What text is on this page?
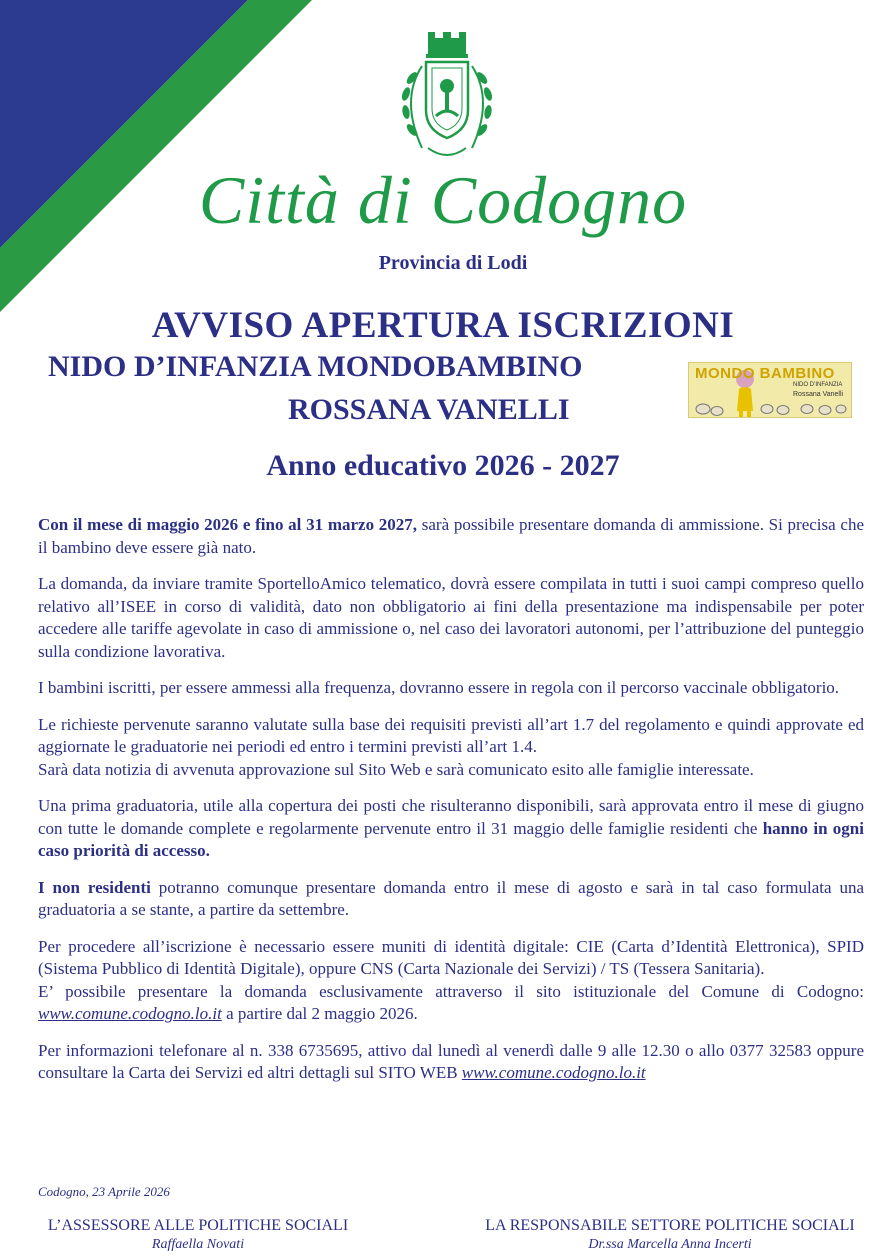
Città di Codogno
Provincia di Lodi
AVVISO APERTURA ISCRIZIONI
NIDO D’INFANZIA MONDOBAMBINO
ROSSANA VANELLI
MONDO BAMBINO
NIDO D’INFANZIA
Rossana Vanelli
Anno educativo 2026 - 2027

Con il mese di maggio 2026 e fino al 31 marzo 2027, sarà possibile presentare domanda di ammissione. Si precisa che il bambino deve essere già nato.

La domanda, da inviare tramite SportelloAmico telematico, dovrà essere compilata in tutti i suoi campi compreso quello relativo all’ISEE in corso di validità, dato non obbligatorio ai fini della presentazione ma indispensabile per poter accedere alle tariffe agevolate in caso di ammissione o, nel caso dei lavoratori autonomi, per l’attribuzione del punteggio sulla condizione lavorativa.

I bambini iscritti, per essere ammessi alla frequenza, dovranno essere in regola con il percorso vaccinale obbligatorio.

Le richieste pervenute saranno valutate sulla base dei requisiti previsti all’art 1.7 del regolamento e quindi approvate ed aggiornate le graduatorie nei periodi ed entro i termini previsti all’art 1.4.
Sarà data notizia di avvenuta approvazione sul Sito Web e sarà comunicato esito alle famiglie interessate.

Una prima graduatoria, utile alla copertura dei posti che risulteranno disponibili, sarà approvata entro il mese di giugno con tutte le domande complete e regolarmente pervenute entro il 31 maggio delle famiglie residenti che hanno in ogni caso priorità di accesso.

I non residenti potranno comunque presentare domanda entro il mese di agosto e sarà in tal caso formulata una graduatoria a se stante, a partire da settembre.

Per procedere all’iscrizione è necessario essere muniti di identità digitale: CIE (Carta d’Identità Elettronica), SPID (Sistema Pubblico di Identità Digitale), oppure CNS (Carta Nazionale dei Servizi) / TS (Tessera Sanitaria).
E’ possibile presentare la domanda esclusivamente attraverso il sito istituzionale del Comune di Codogno: www.comune.codogno.lo.it a partire dal 2 maggio 2026.

Per informazioni telefonare al n. 338 6735695, attivo dal lunedì al venerdì dalle 9 alle 12.30 o allo 0377 32583 oppure consultare la Carta dei Servizi ed altri dettagli sul SITO WEB www.comune.codogno.lo.it

Codogno, 23 Aprile 2026
L’ASSESSORE ALLE POLITICHE SOCIALI
Raffaella Novati
LA RESPONSABILE SETTORE POLITICHE SOCIALI
Dr.ssa Marcella Anna Incerti
